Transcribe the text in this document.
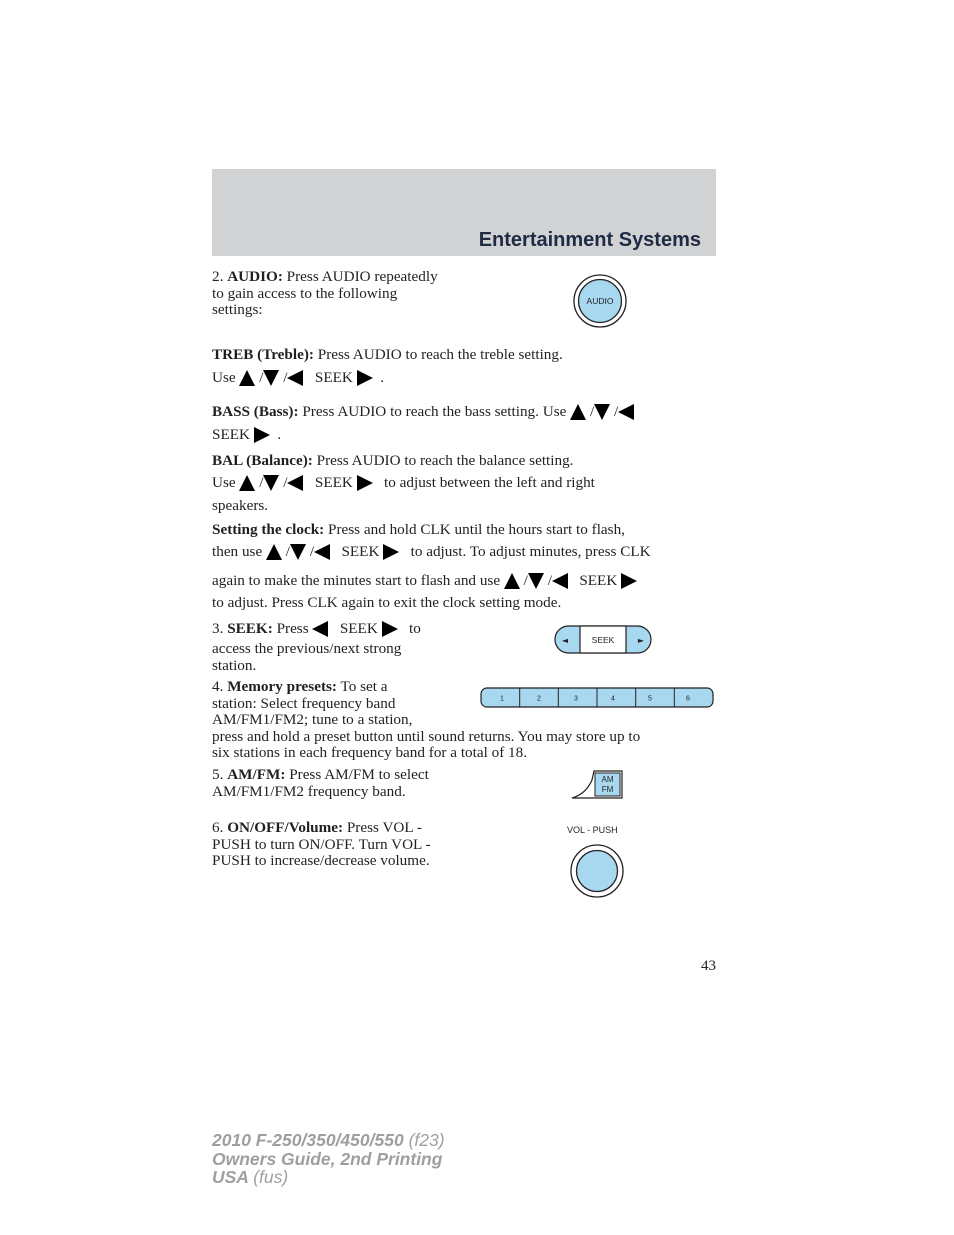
Entertainment Systems
2. AUDIO: Press AUDIO repeatedly
to gain access to the following
settings:
AUDIO
TREB (Treble): Press AUDIO to reach the treble setting.
Use

/
/
SEEK

.
BASS (Bass):
Press AUDIO to reach the bass setting. Use

/
/
SEEK

.
BAL (Balance): Press AUDIO to reach the balance setting.
Use

/
/
SEEK

to adjust between the left and right
speakers.
Setting the clock: Press and hold CLK until the hours start to flash,
then use

/
/
SEEK

to adjust. To adjust minutes, press CLK
again to make the minutes start to flash and use

/
/
SEEK

to adjust. Press CLK again to exit the clock setting mode.
3.
SEEK:
Press

SEEK

to
access the previous/next strong
station.
◄	SEEK	►
4. Memory presets: To set a
station: Select frequency band
AM/FM1/FM2; tune to a station,
press and hold a preset button until sound returns. You may store up to
six stations in each frequency band for a total of 18.
1	2	3	4	5	6
5. AM/FM: Press AM/FM to select
AM/FM1/FM2 frequency band.
AM
FM
6. ON/OFF/Volume: Press VOL -
PUSH to turn ON/OFF. Turn VOL -
PUSH to increase/decrease volume.
VOL - PUSH
43
2010 F-250/350/450/550 (f23)
Owners Guide, 2nd Printing
USA (fus)
